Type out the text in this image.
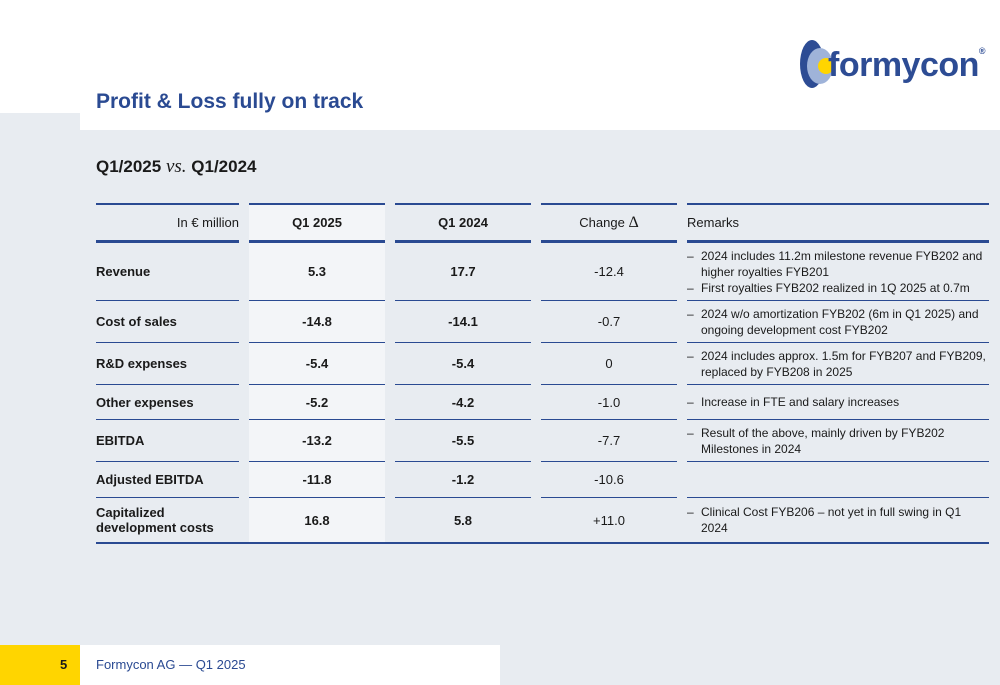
formycon®
Profit & Loss fully on track
Q1/2025 vs. Q1/2024
In € million		Q1 2025		Q1 2024		Change Δ		Remarks
Revenue		5.3		17.7		-12.4		– 2024 includes 11.2m milestone revenue FYB202 and higher royalties FYB201
– First royalties FYB202 realized in 1Q 2025 at 0.7m

Cost of sales		-14.8		-14.1		-0.7		– 2024 w/o amortization FYB202 (6m in Q1 2025) and ongoing development cost FYB202

R&D expenses		-5.4		-5.4		0		– 2024 includes approx. 1.5m for FYB207 and FYB209, replaced by FYB208 in 2025

Other expenses		-5.2		-4.2		-1.0		– Increase in FTE and salary increases

EBITDA		-13.2		-5.5		-7.7		– Result of the above, mainly driven by FYB202 Milestones in 2024

Adjusted EBITDA		-11.8		-1.2		-10.6		
Capitalized development costs		16.8		5.8		+11.0		– Clinical Cost FYB206 – not yet in full swing in Q1 2024
5 Formycon AG — Q1 2025
